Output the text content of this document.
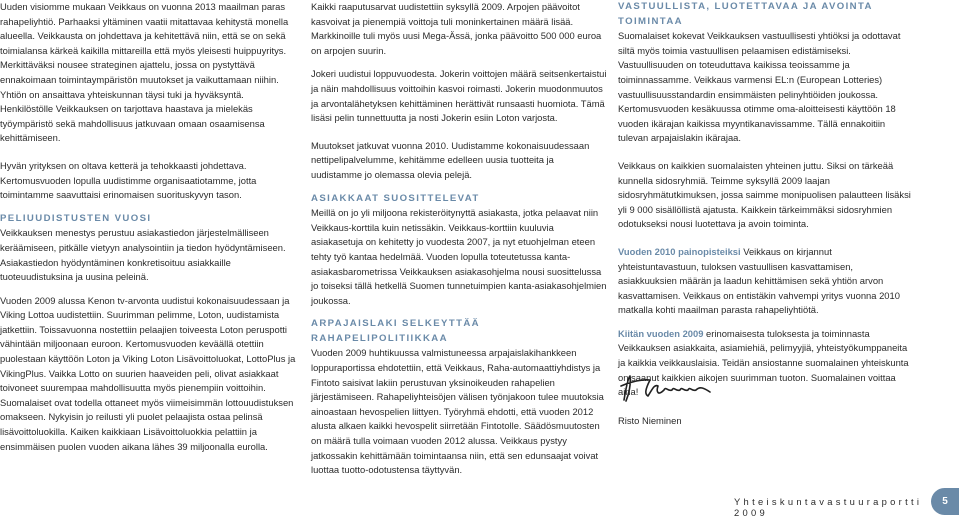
Uuden visiomme mukaan Veikkaus on vuonna 2013 maailman paras rahapeliyhtiö. Parhaaksi yltäminen vaatii mitattavaa kehitystä monella alueella. Veikkausta on johdettava ja kehitettävä niin, että se on sekä toimialansa kärkeä kaikilla mittareilla että myös yleisesti huippuyritys. Merkittäväksi nousee strateginen ajattelu, jossa on pystyttävä ennakoimaan toimintaympäristön muutokset ja vaikuttamaan niihin. Yhtiön on ansaittava yhteiskunnan täysi tuki ja hyväksyntä. Henkilöstölle Veikkauksen on tarjottava haastava ja mielekäs työympäristö sekä mahdollisuus jatkuvaan omaan osaamisensa kehittämiseen.

Hyvän yrityksen on oltava ketterä ja tehokkaasti johdettava. Kertomusvuoden lopulla uudistimme organisaatiotamme, jotta toimintamme saavuttaisi erinomaisen suorituskyvyn tason.

PELIUUDISTUSTEN VUOSI

Veikkauksen menestys perustuu asiakastiedon järjestelmälliseen keräämiseen, pitkälle vietyyn analysointiin ja tiedon hyödyntämiseen. Asiakastiedon hyödyntäminen konkretisoituu asiakkaille tuoteuudistuksina ja uusina peleinä.

Vuoden 2009 alussa Kenon tv-arvonta uudistui kokonaisuudessaan ja Viking Lottoa uudistettiin. Suurimman pelimme, Loton, uudistamista jatkettiin. Toissavuonna nostettiin pelaajien toiveesta Loton peruspotti vähintään miljoonaan euroon. Kertomusvuoden keväällä otettiin puolestaan käyttöön Loton ja Viking Loton Lisävoittoluokat, LottoPlus ja VikingPlus. Vaikka Lotto on suurien haaveiden peli, olivat asiakkaat toivoneet suurempaa mahdollisuutta myös pienempiin voittoihin. Suomalaiset ovat todella ottaneet myös viimeisimmän lottouudistuksen omakseen. Nykyisin jo reilusti yli puolet pelaajista ostaa pelinsä lisävoittoluokilla. Kaiken kaikkiaan Lisävoittoluokkia pelattiin ja ensimmäisen puolen vuoden aikana lähes 39 miljoonalla eurolla.

Kaikki raaputusarvat uudistettiin syksyllä 2009. Arpojen päävoitot kasvoivat ja pienempiä voittoja tuli moninkertainen määrä lisää. Markkinoille tuli myös uusi Mega-Ässä, jonka päävoitto 500 000 euroa on arpojen suurin.

Jokeri uudistui loppuvuodesta. Jokerin voittojen määrä seitsenkertaistui ja näin mahdollisuus voittoihin kasvoi roimasti. Jokerin muodonmuutos ja arvontalähetyksen kehittäminen herättivät runsaasti huomiota. Tämä lisäsi pelin tunnettuutta ja nosti Jokerin esiin Loton varjosta.

Muutokset jatkuvat vuonna 2010. Uudistamme kokonaisuudessaan nettipelipalvelumme, kehitämme edelleen uusia tuotteita ja uudistamme jo olemassa olevia pelejä.

ASIAKKAAT SUOSITTELEVAT

Meillä on jo yli miljoona rekisteröitynyttä asiakasta, jotka pelaavat niin Veikkaus-korttila kuin netissäkin. Veikkaus-korttiin kuuluvia asiakasetuja on kehitetty jo vuodesta 2007, ja nyt etuohjelman eteen tehty työ kantaa hedelmää. Vuoden lopulla toteutetussa kanta-asiakasbarometrissa Veikkauksen asiakasohjelma nousi suosittelussa jo toiseksi tällä hetkellä Suomen tunnetuimpien kanta-asiakasohjelmien joukossa.

ARPAJAISLAKI SELKEYTTÄÄ RAHAPELIPOLITIIKKAA

Vuoden 2009 huhtikuussa valmistuneessa arpajaislakihankkeen loppuraportissa ehdotettiin, että Veikkaus, Raha-automaattiyhdistys ja Fintoto saisivat lakiin perustuvan yksinoikeuden rahapelien järjestämiseen. Rahapeliyhteisöjen välisen työnjakoon tulee muutoksia ainoastaan hevospelien liittyen. Työryhmä ehdotti, että vuoden 2012 alusta alkaen kaikki hevospelit siirretään Fintotolle. Säädösmuutosten on määrä tulla voimaan vuoden 2012 alussa. Veikkaus pystyy jatkossakin kehittämään toimintaansa niin, että sen edunsaajat voivat luottaa tuotto-odotustensa täyttyvän.

VASTUULLISTA, LUOTETTAVAA JA AVOINTA TOIMINTAA

Suomalaiset kokevat Veikkauksen vastuullisesti yhtiöksi ja odottavat siltä myös toimia vastuullisen pelaamisen edistämiseksi. Vastuullisuuden on toteuduttava kaikissa teoissamme ja toiminnassamme. Veikkaus varmensi EL:n (European Lotteries) vastuullisuusstandardin ensimmäisten pelinyhtiöiden joukossa. Kertomusvuoden kesäkuussa otimme oma-aloitteisesti käyttöön 18 vuoden ikärajan kaikissa myyntikanavissamme. Tällä ennakoitiin tulevan arpajaislakin ikärajaa.

Veikkaus on kaikkien suomalaisten yhteinen juttu. Siksi on tärkeää kunnella sidosryhmiä. Teimme syksyllä 2009 laajan sidosryhmätutkimuksen, jossa saimme monipuolisen palautteen lisäksi yli 9 000 sisällöllistä ajatusta. Kaikkein tärkeimmäksi sidosryhmien odotukseksi nousi luotettava ja avoin toiminta.

Vuoden 2010 painopisteiksi Veikkaus on kirjannut yhteistuntavastuun, tuloksen vastuullisen kasvattamisen, asiakkuuksien määrän ja laadun kehittämisen sekä yhtiön arvon kasvattamisen. Veikkaus on entistäkin vahvempi yritys vuonna 2010 matkalla kohti maailman parasta rahapeliyhtiötä.

Kiitän vuoden 2009 erinomaisesta tuloksesta ja toiminnasta Veikkauksen asiakkaita, asiamiehiä, pelimyyjiä, yhteistyökumppaneita ja kaikkia veikkauslaisia. Teidän ansiostanne suomalainen yhteiskunta on saanut kaikkien aikojen suurimman tuoton. Suomalainen voittaa aina!

Risto Nieminen
Yhteiskuntavastuuraportti 2009
5
